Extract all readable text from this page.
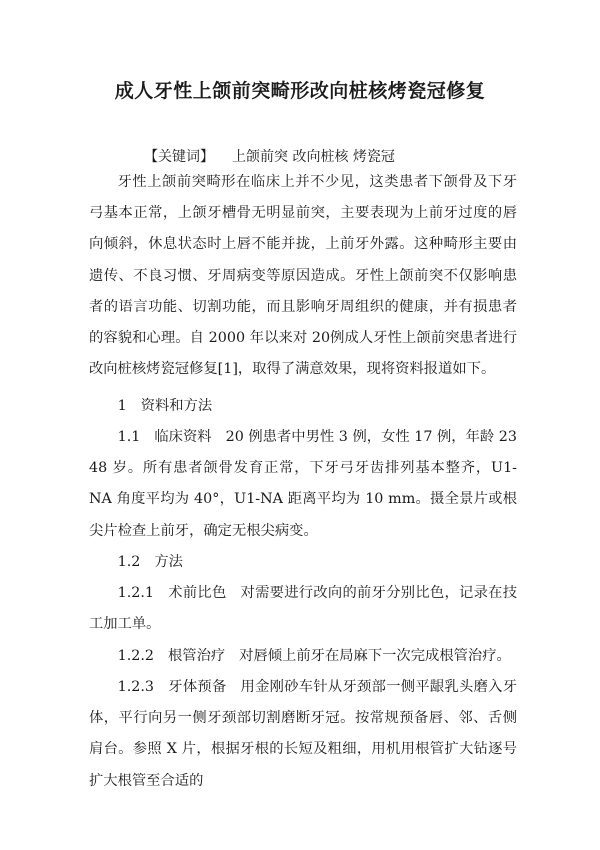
成人牙性上颌前突畸形改向桩核烤瓷冠修复
【关键词】 上颌前突 改向桩核 烤瓷冠

牙性上颌前突畸形在临床上并不少见，这类患者下颌骨及下牙弓基本正常，上颌牙槽骨无明显前突，主要表现为上前牙过度的唇向倾斜，休息状态时上唇不能并拢，上前牙外露。这种畸形主要由遗传、不良习惯、牙周病变等原因造成。牙性上颌前突不仅影响患者的语言功能、切割功能，而且影响牙周组织的健康，并有损患者的容貌和心理。自 2000 年以来对 20例成人牙性上颌前突患者进行改向桩核烤瓷冠修复[1]，取得了满意效果，现将资料报道如下。

1 资料和方法

1.1 临床资料 20 例患者中男性 3 例，女性 17 例，年龄 23 48 岁。所有患者颌骨发育正常，下牙弓牙齿排列基本整齐，U1-NA 角度平均为 40°，U1-NA 距离平均为 10 mm。摄全景片或根尖片检查上前牙，确定无根尖病变。

1.2 方法

1.2.1 术前比色 对需要进行改向的前牙分别比色，记录在技工加工单。

1.2.2 根管治疗 对唇倾上前牙在局麻下一次完成根管治疗。

1.2.3 牙体预备 用金刚砂车针从牙颈部一侧平龈乳头磨入牙体，平行向另一侧牙颈部切割磨断牙冠。按常规预备唇、邻、舌侧肩台。参照 X 片，根据牙根的长短及粗细，用机用根管扩大钻逐号扩大根管至合适的
